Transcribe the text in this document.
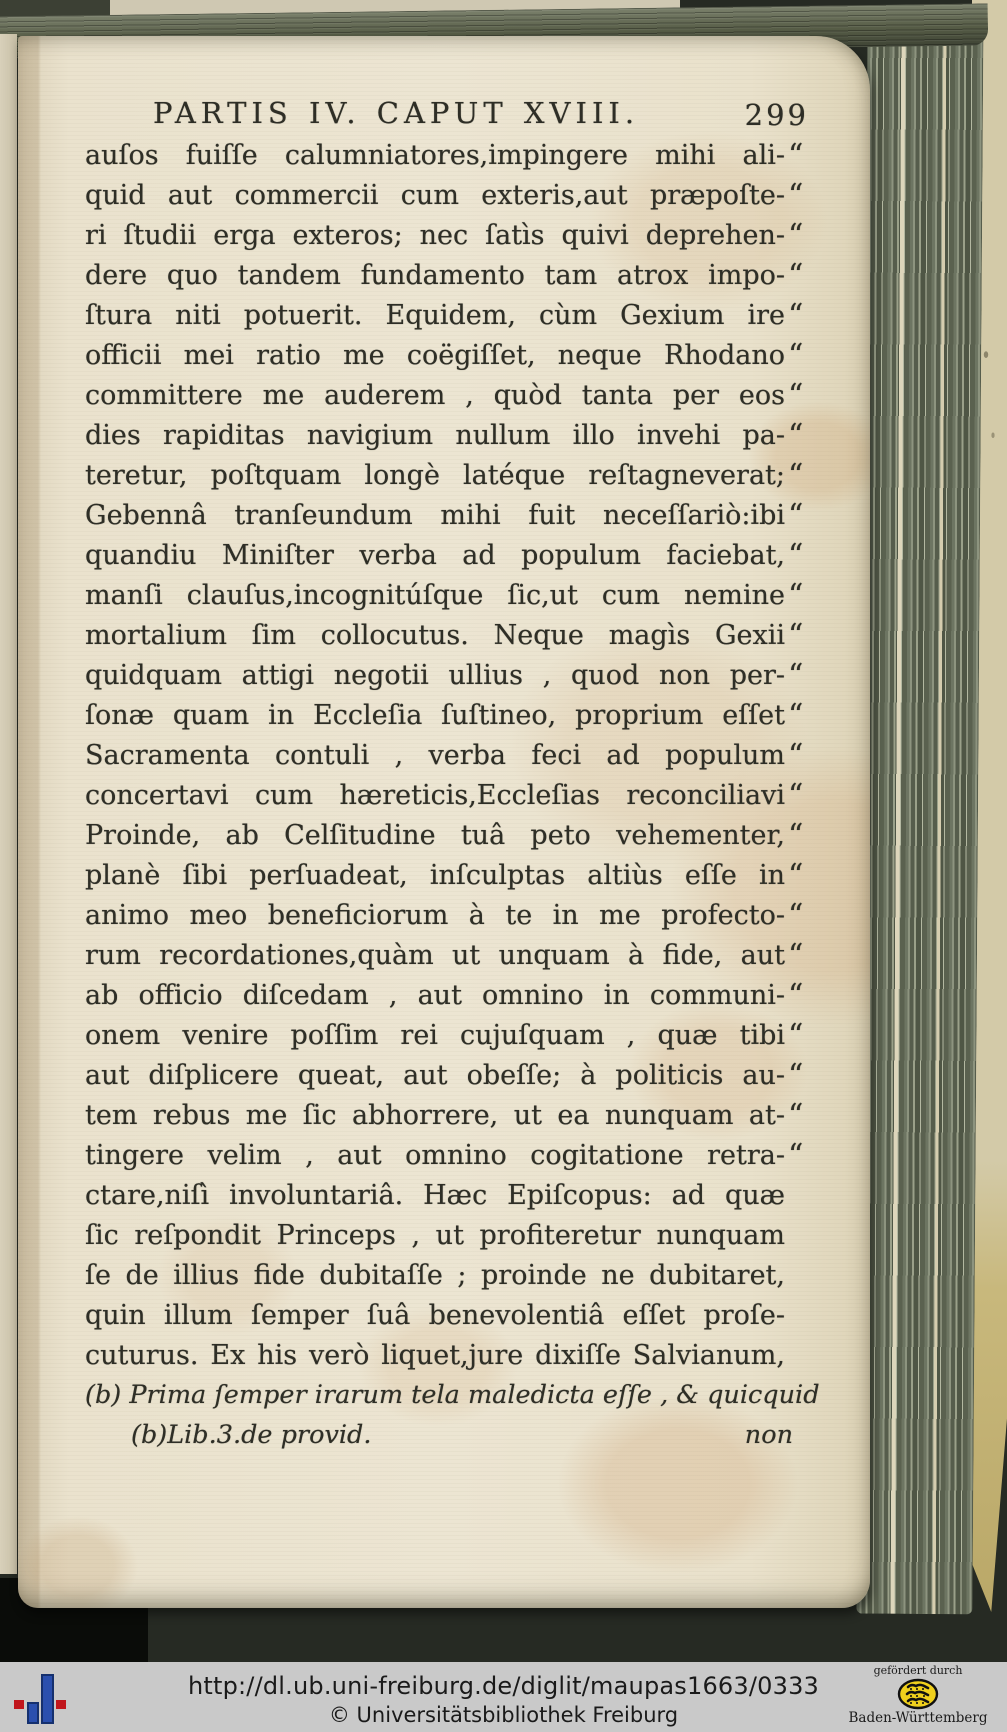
PARTIS IV. CAPUT XVIII.	299
auſos fuiſſe calumniatores,impingere mihi ali- “
quid aut commercii cum exteris,aut præpoſte- “
ri ſtudii erga exteros; nec ſatìs quivi deprehen- “
dere quo tandem fundamento tam atrox impo- “
ſtura niti potuerit. Equidem, cùm Gexium ire “
officii mei ratio me coëgiſſet, neque Rhodano “
committere me auderem , quòd tanta per eos “
dies rapiditas navigium nullum illo invehi pa- “
teretur, poſtquam longè latéque reſtagneverat; “
Gebennâ tranſeundum mihi fuit neceſſariò:ibi “
quandiu Miniſter verba ad populum faciebat, “
manſi clauſus,incognitúſque ſic,ut cum nemine “
mortalium ſim collocutus. Neque magìs Gexii “
quidquam attigi negotii ullius , quod non per- “
ſonæ quam in Eccleſia ſuſtineo, proprium eſſet “
Sacramenta contuli , verba feci ad populum “
concertavi cum hæreticis,Eccleſias reconciliavi “
Proinde, ab Celſitudine tuâ peto vehementer, “
planè ſibi perſuadeat, inſculptas altiùs eſſe in “
animo meo beneficiorum à te in me profecto- “
rum recordationes,quàm ut unquam à fide, aut “
ab officio diſcedam , aut omnino in communi- “
onem venire poſſim rei cujuſquam , quæ tibi “
aut diſplicere queat, aut obeſſe; à politicis au- “
tem rebus me ſic abhorrere, ut ea nunquam at- “
tingere velim , aut omnino cogitatione retra- “
ctare,niſì involuntariâ. Hæc Epiſcopus: ad quæ
ſic reſpondit Princeps , ut profiteretur nunquam
ſe de illius fide dubitaſſe ; proinde ne dubitaret,
quin illum ſemper ſuâ benevolentiâ eſſet proſe-
cuturus. Ex his verò liquet,jure dixiſſe Salvianum,
(b) Prima ſemper irarum tela maledicta eſſe , & quicquid
(b)Lib.3.de provid.	non
http://dl.ub.uni-freiburg.de/diglit/maupas1663/0333
© Universitätsbibliothek Freiburg
gefördert durch
Baden-Württemberg
